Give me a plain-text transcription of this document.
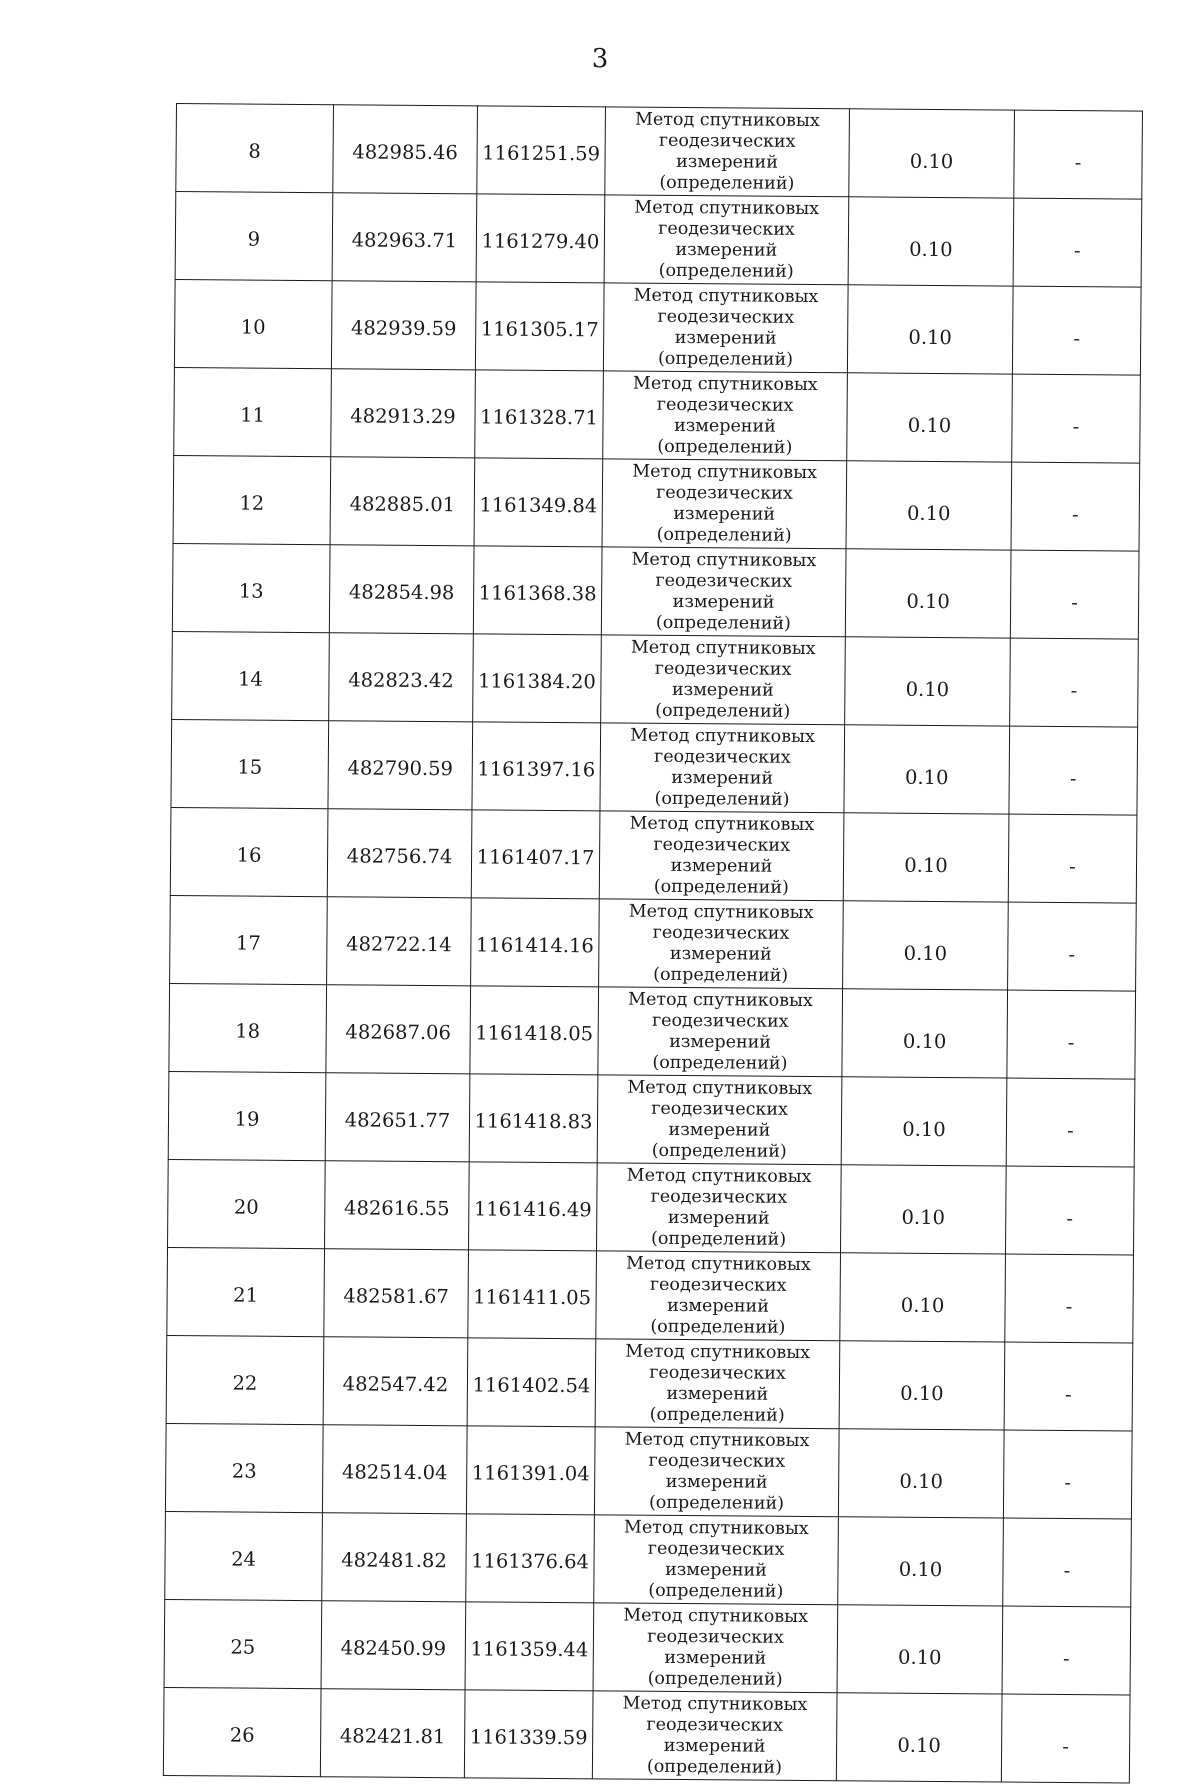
3
8	482985.46	1161251.59	Метод спутниковых
геодезических измерений
(определений)	0.10	-
9	482963.71	1161279.40	Метод спутниковых
геодезических измерений
(определений)	0.10	-
10	482939.59	1161305.17	Метод спутниковых
геодезических измерений
(определений)	0.10	-
11	482913.29	1161328.71	Метод спутниковых
геодезических измерений
(определений)	0.10	-
12	482885.01	1161349.84	Метод спутниковых
геодезических измерений
(определений)	0.10	-
13	482854.98	1161368.38	Метод спутниковых
геодезических измерений
(определений)	0.10	-
14	482823.42	1161384.20	Метод спутниковых
геодезических измерений
(определений)	0.10	-
15	482790.59	1161397.16	Метод спутниковых
геодезических измерений
(определений)	0.10	-
16	482756.74	1161407.17	Метод спутниковых
геодезических измерений
(определений)	0.10	-
17	482722.14	1161414.16	Метод спутниковых
геодезических измерений
(определений)	0.10	-
18	482687.06	1161418.05	Метод спутниковых
геодезических измерений
(определений)	0.10	-
19	482651.77	1161418.83	Метод спутниковых
геодезических измерений
(определений)	0.10	-
20	482616.55	1161416.49	Метод спутниковых
геодезических измерений
(определений)	0.10	-
21	482581.67	1161411.05	Метод спутниковых
геодезических измерений
(определений)	0.10	-
22	482547.42	1161402.54	Метод спутниковых
геодезических измерений
(определений)	0.10	-
23	482514.04	1161391.04	Метод спутниковых
геодезических измерений
(определений)	0.10	-
24	482481.82	1161376.64	Метод спутниковых
геодезических измерений
(определений)	0.10	-
25	482450.99	1161359.44	Метод спутниковых
геодезических измерений
(определений)	0.10	-
26	482421.81	1161339.59	Метод спутниковых
геодезических измерений
(определений)	0.10	-
